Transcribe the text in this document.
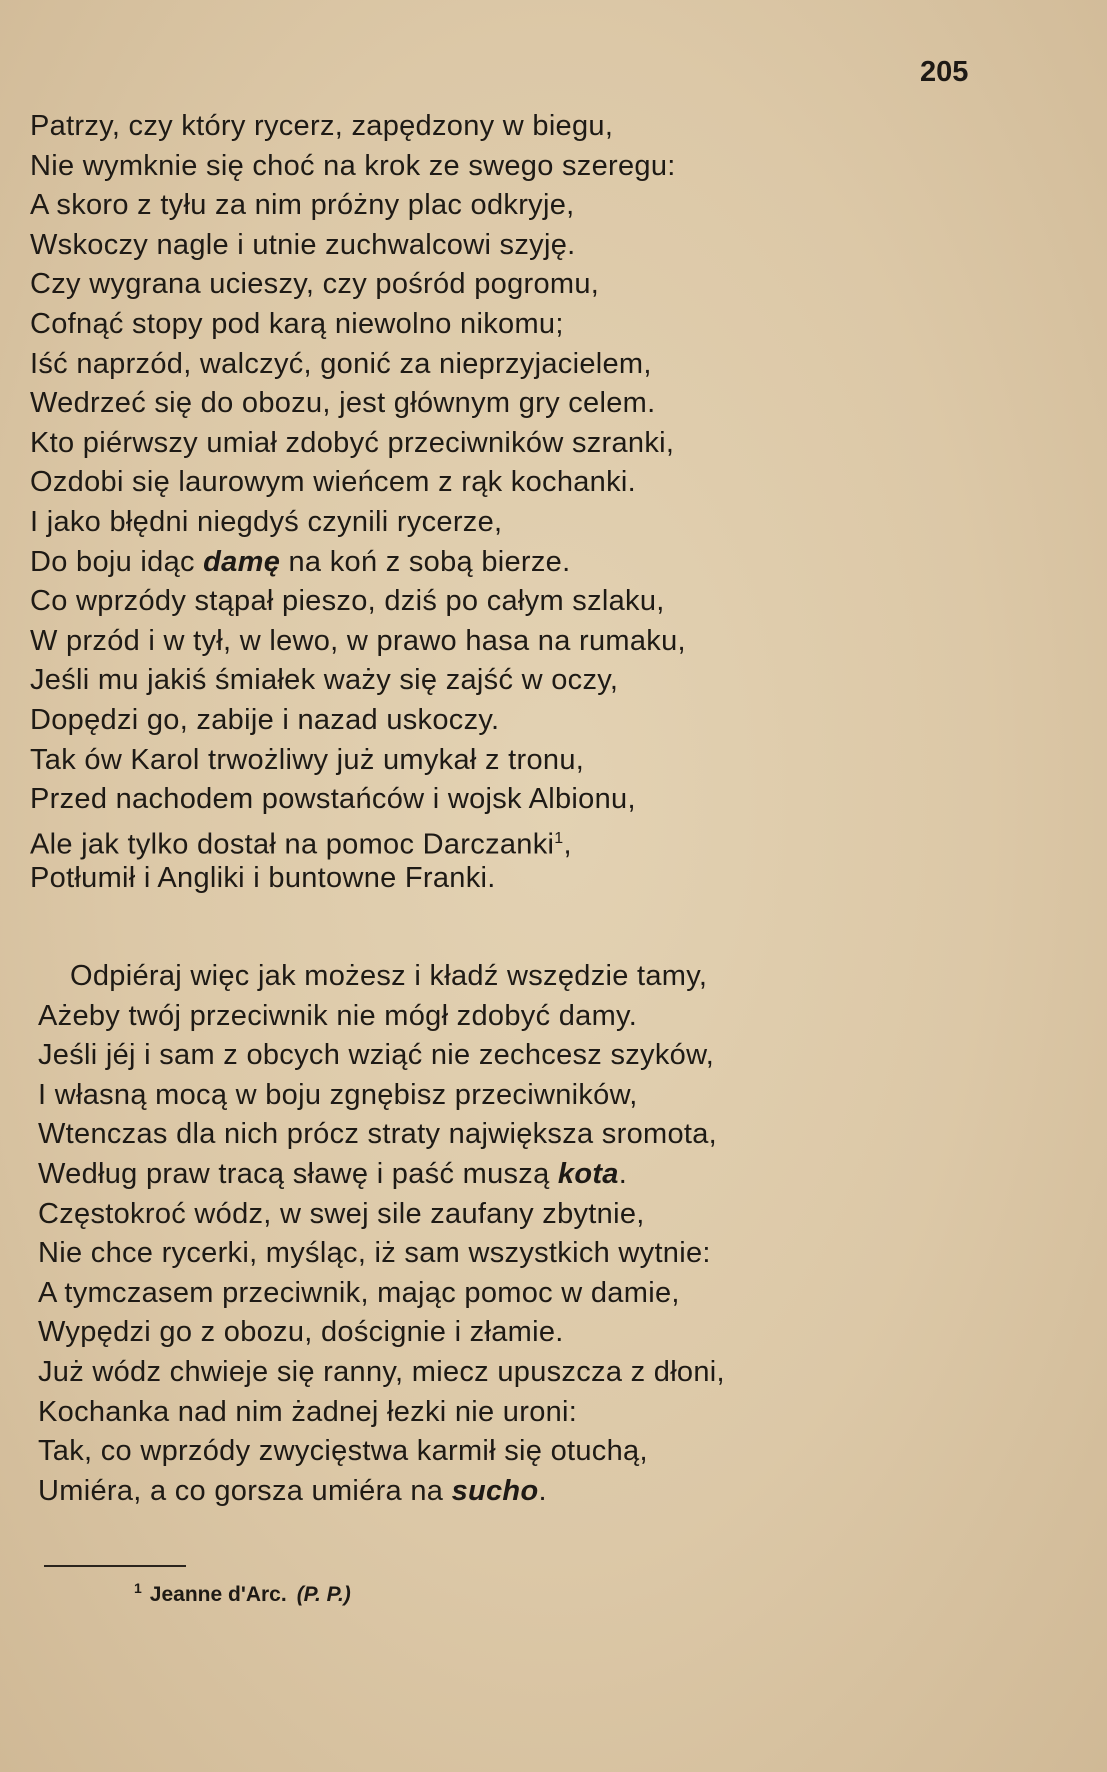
205
Patrzy, czy który rycerz, zapędzony w biegu,
Nie wymknie się choć na krok ze swego szeregu:
A skoro z tyłu za nim próżny plac odkryje,
Wskoczy nagle i utnie zuchwalcowi szyję.
Czy wygrana ucieszy, czy pośród pogromu,
Cofnąć stopy pod karą niewolno nikomu;
Iść naprzód, walczyć, gonić za nieprzyjacielem,
Wedrzeć się do obozu, jest głównym gry celem.
Kto piérwszy umiał zdobyć przeciwników szranki,
Ozdobi się laurowym wieńcem z rąk kochanki.
I jako błędni niegdyś czynili rycerze,
Do boju idąc damę na koń z sobą bierze.
Co wprzódy stąpał pieszo, dziś po całym szlaku,
W przód i w tył, w lewo, w prawo hasa na rumaku,
Jeśli mu jakiś śmiałek waży się zajść w oczy,
Dopędzi go, zabije i nazad uskoczy.
Tak ów Karol trwożliwy już umykał z tronu,
Przed nachodem powstańców i wojsk Albionu,
Ale jak tylko dostał na pomoc Darczanki$^1$,
Potłumił i Angliki i buntowne Franki.
Odpiéraj więc jak możesz i kładź wszędzie tamy,
Ażeby twój przeciwnik nie mógł zdobyć damy.
Jeśli jéj i sam z obcych wziąć nie zechcesz szyków,
I własną mocą w boju zgnębisz przeciwników,
Wtenczas dla nich prócz straty największa sromota,
Według praw tracą sławę i paść muszą kota.
Częstokroć wódz, w swej sile zaufany zbytnie,
Nie chce rycerki, myśląc, iż sam wszystkich wytnie:
A tymczasem przeciwnik, mając pomoc w damie,
Wypędzi go z obozu, doścignie i złamie.
Już wódz chwieje się ranny, miecz upuszcza z dłoni,
Kochanka nad nim żadnej łezki nie uroni:
Tak, co wprzódy zwycięstwa karmił się otuchą,
Umiéra, a co gorsza umiéra na sucho.
$^1$ Jeanne d'Arc. (P. P.)
